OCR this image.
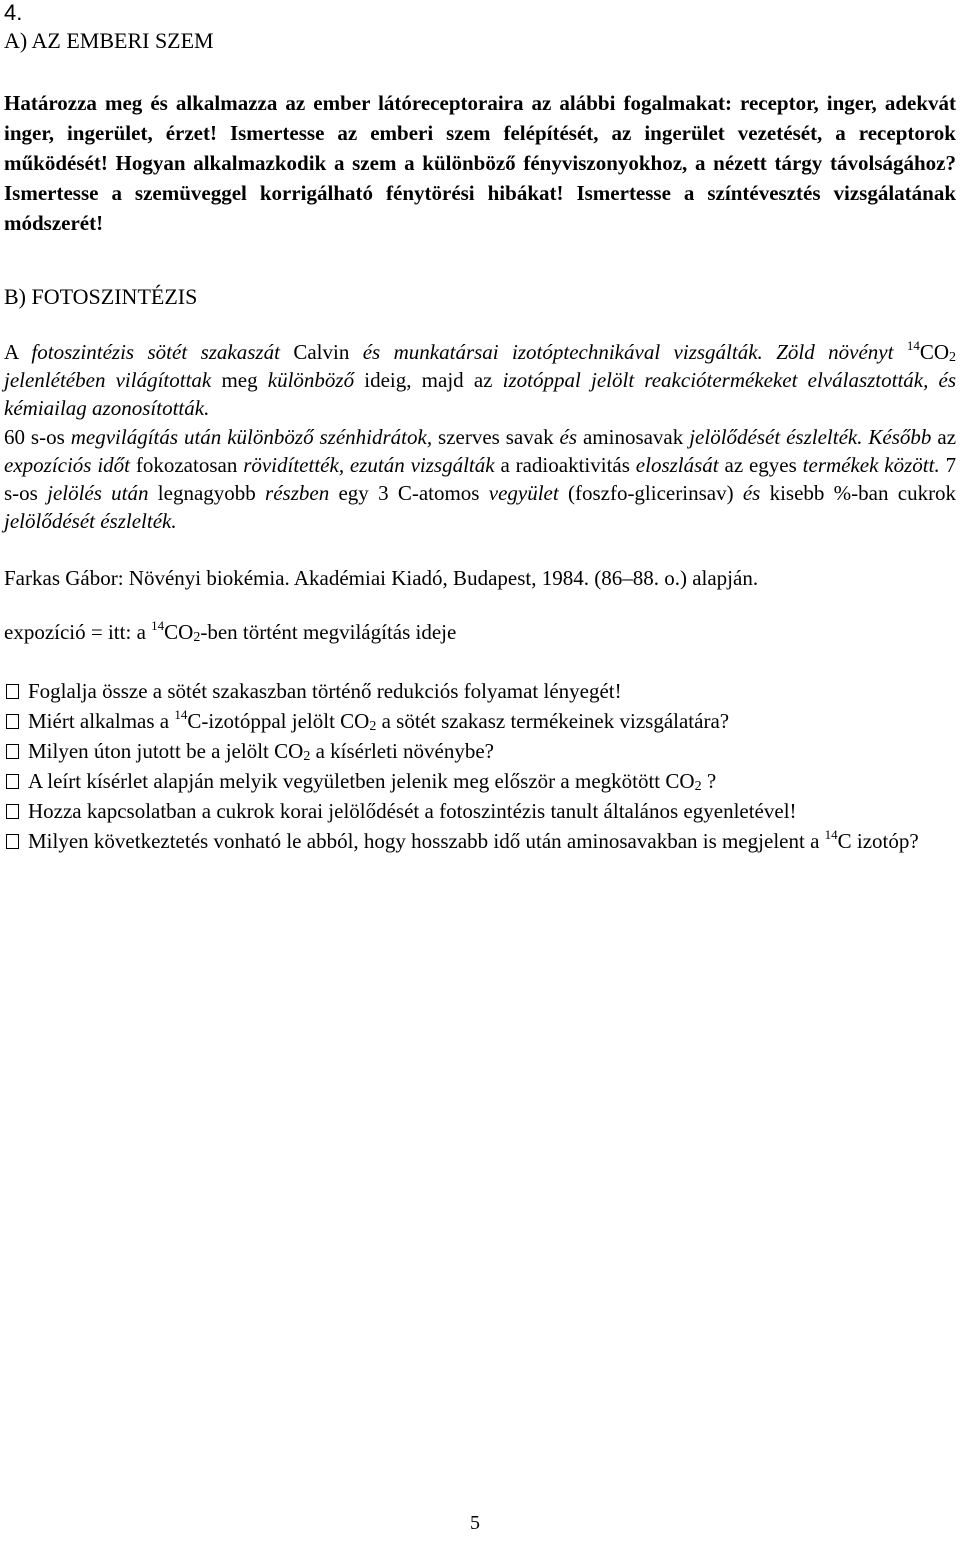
4.
A) AZ EMBERI SZEM
Határozza meg és alkalmazza az ember látóreceptoraira az alábbi fogalmakat: receptor, inger, adekvát inger, ingerület, érzet! Ismertesse az emberi szem felépítését, az ingerület vezetését, a receptorok működését! Hogyan alkalmazkodik a szem a különböző fényviszonyokhoz, a nézett tárgy távolságához? Ismertesse a szemüveggel korrigálható fénytörési hibákat! Ismertesse a színtévesztés vizsgálatának módszerét!
B) FOTOSZINTÉZIS
A fotoszintézis sötét szakaszát Calvin és munkatársai izotóptechnikával vizsgálták. Zöld növényt $^{14}CO_2$ jelenlétében világítottak meg különböző ideig, majd az izotóppal jelölt reakciótermékeket elválasztották, és kémiailag azonosították.
60 s-os megvilágítás után különböző szénhidrátok, szerves savak és aminosavak jelölődését észlelték. Később az expozíciós időt fokozatosan rövidítették, ezután vizsgálták a radioaktivitás eloszlását az egyes termékek között. 7 s-os jelölés után legnagyobb részben egy 3 C-atomos vegyület (foszfo-glicerinsav) és kisebb %-ban cukrok jelölődését észlelték.
Farkas Gábor: Növényi biokémia. Akadémiai Kiadó, Budapest, 1984. (86–88. o.) alapján.
expozíció = itt: a $^{14}CO_2$-ben történt megvilágítás ideje
Foglalja össze a sötét szakaszban történő redukciós folyamat lényegét!
Miért alkalmas a $^{14}$C-izotóppal jelölt $CO_2$ a sötét szakasz termékeinek vizsgálatára?
Milyen úton jutott be a jelölt $CO_2$ a kísérleti növénybe?
A leírt kísérlet alapján melyik vegyületben jelenik meg először a megkötött $CO_2$ ?
Hozza kapcsolatban a cukrok korai jelölődését a fotoszintézis tanult általános egyenletével!
Milyen következtetés vonható le abból, hogy hosszabb idő után aminosavakban is megjelent a $^{14}$C izotóp?
5
